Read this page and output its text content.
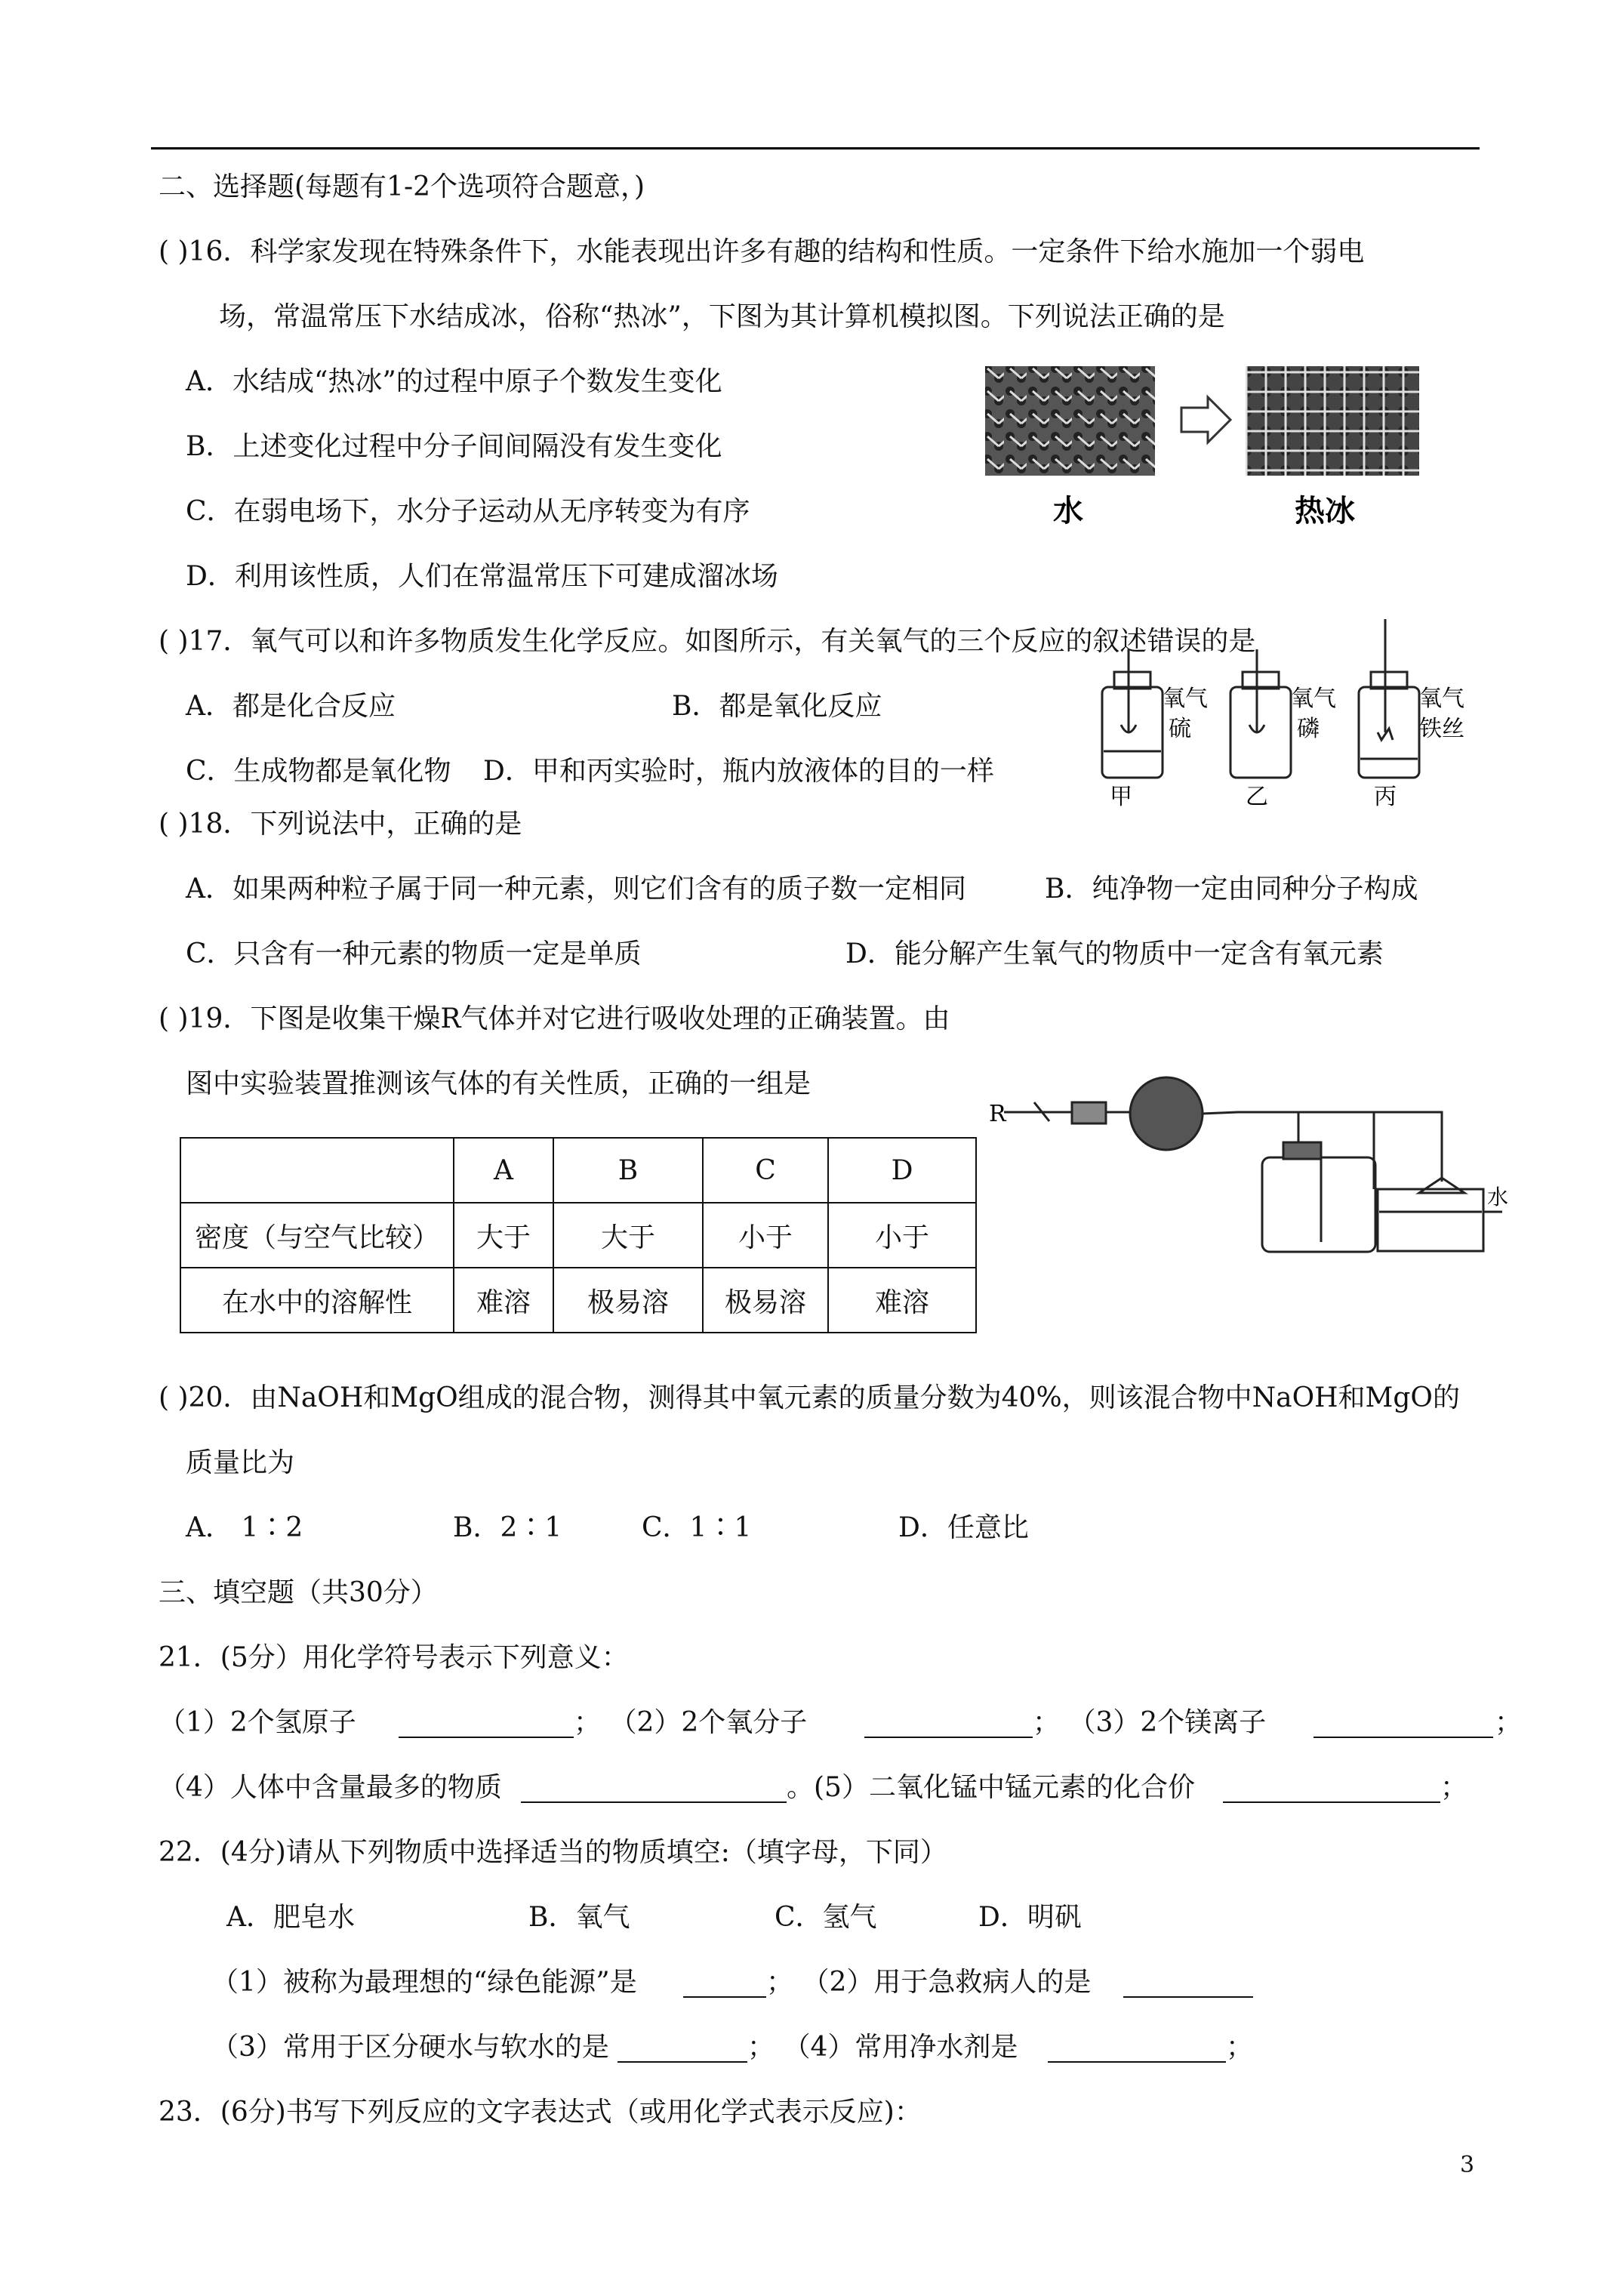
二、选择题(每题有1-2个选项符合题意，)
( )16．科学家发现在特殊条件下，水能表现出许多有趣的结构和性质。一定条件下给水施加一个弱电
场，常温常压下水结成冰，俗称“热冰”，下图为其计算机模拟图。下列说法正确的是
A．水结成“热冰”的过程中原子个数发生变化
B．上述变化过程中分子间间隔没有发生变化
C．在弱电场下，水分子运动从无序转变为有序
D．利用该性质，人们在常温常压下可建成溜冰场
水	热冰
( )17．氧气可以和许多物质发生化学反应。如图所示，有关氧气的三个反应的叙述错误的是
A．都是化合反应	B．都是氧化反应
C．生成物都是氧化物 D．甲和丙实验时，瓶内放液体的目的一样
氧气
硫
甲
氧气
磷
乙
氧气
铁丝
丙
( )18．下列说法中，正确的是
A．如果两种粒子属于同一种元素，则它们含有的质子数一定相同	B．纯净物一定由同种分子构成
C．只含有一种元素的物质一定是单质	D．能分解产生氧气的物质中一定含有氧元素
( )19．下图是收集干燥R气体并对它进行吸收处理的正确装置。由
图中实验装置推测该气体的有关性质，正确的一组是
	A	B	C	D
密度（与空气比较）	大于	大于	小于	小于
在水中的溶解性	难溶	极易溶	极易溶	难溶
R
水
( )20．由NaOH和MgO组成的混合物，测得其中氧元素的质量分数为40%，则该混合物中NaOH和MgO的
质量比为
A． 1∶2	B．2∶1	C．1∶1	D．任意比
三、填空题（共30分）
21．(5分）用化学符号表示下列意义：
（1）2个氢原子	； （2）2个氧分子	； （3）2个镁离子	；
（4）人体中含量最多的物质	。(5）二氧化锰中锰元素的化合价	；
22．(4分)请从下列物质中选择适当的物质填空:（填字母，下同）
A．肥皂水	B．氧气	C．氢气	D．明矾
（1）被称为最理想的“绿色能源”是	； （2）用于急救病人的是
（3）常用于区分硬水与软水的是	； （4）常用净水剂是	；
23．(6分)书写下列反应的文字表达式（或用化学式表示反应)：
3
